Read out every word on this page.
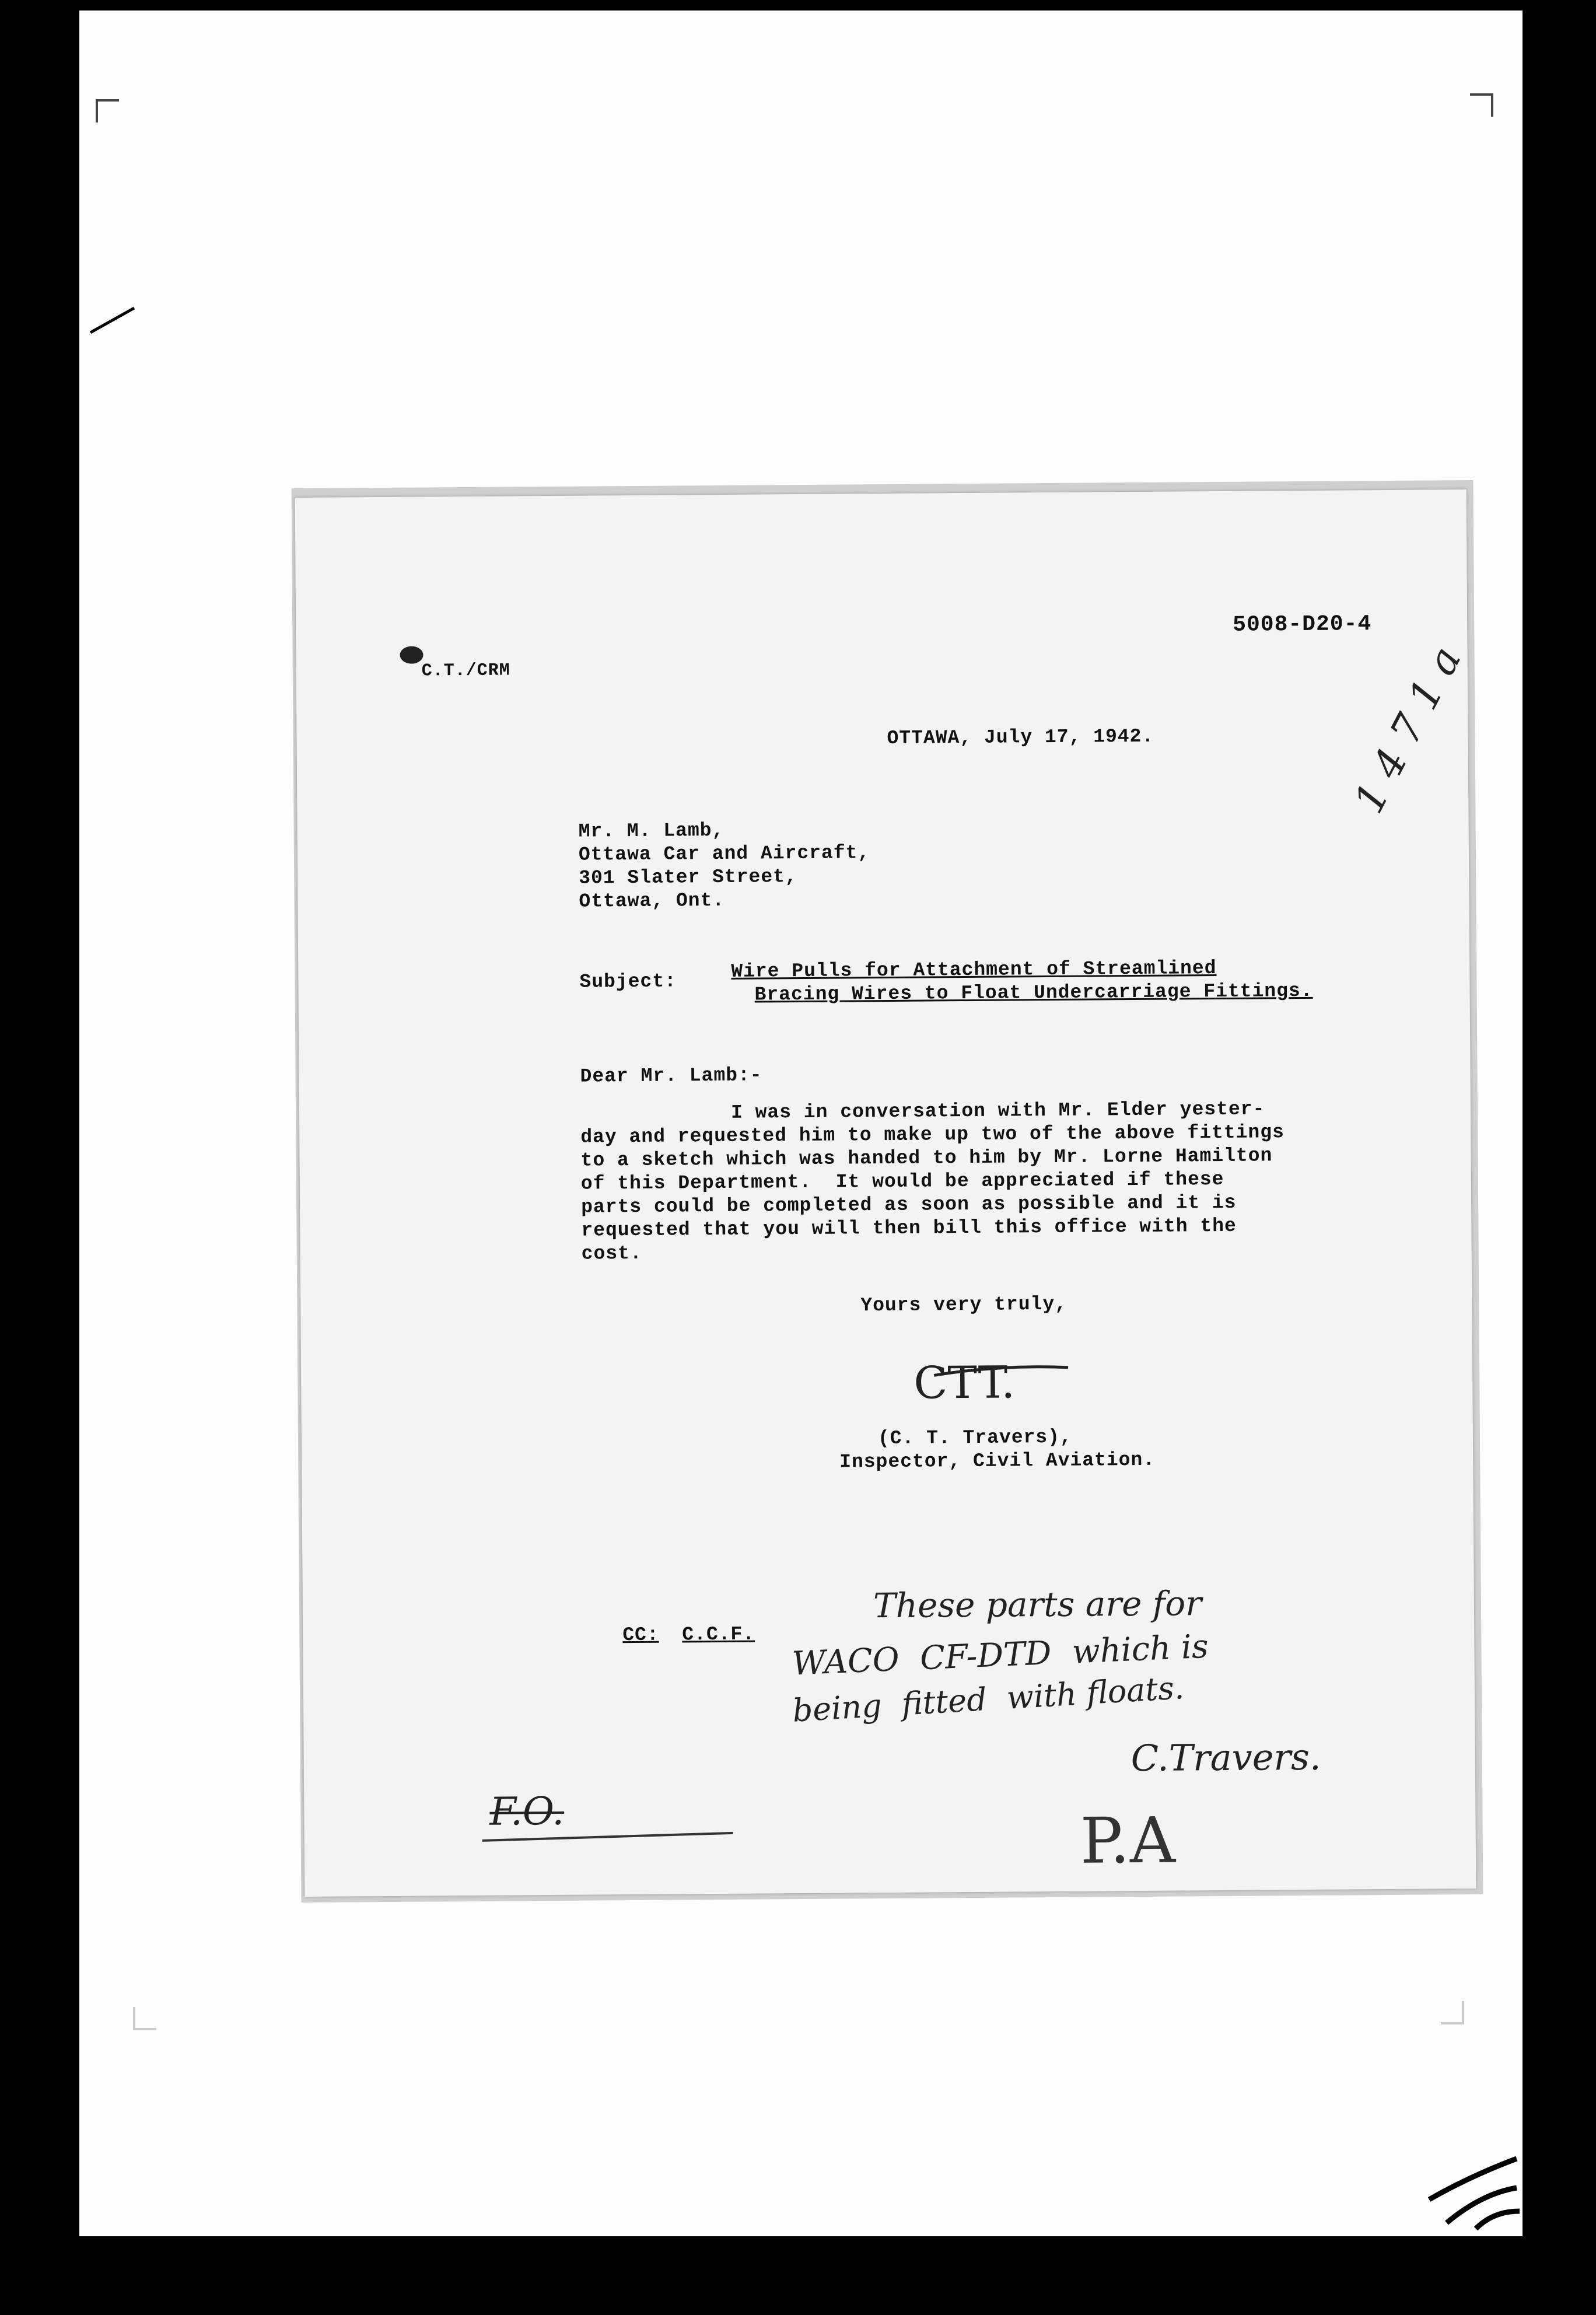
5008-D20-4
C.T./CRM
OTTAWA, July 17, 1942.
Mr. M. Lamb,
Ottawa Car and Aircraft,
301 Slater Street,
Ottawa, Ont.
Subject:	Wire Pulls for Attachment of Streamlined
Bracing Wires to Float Undercarriage Fittings.
Dear Mr. Lamb:-
I was in conversation with Mr. Elder yester-
day and requested him to make up two of the above fittings
to a sketch which was handed to him by Mr. Lorne Hamilton
of this Department.  It would be appreciated if these
parts could be completed as soon as possible and it is
requested that you will then bill this office with the
cost.
Yours very truly,
CTT.
(C. T. Travers),
Inspector, Civil Aviation.
CC: C.C.F.
1 4 7 1 a
These parts are for
WACO  CF-DTD  which is
being  fitted  with floats.
C.Travers.
F.O.	P.A
